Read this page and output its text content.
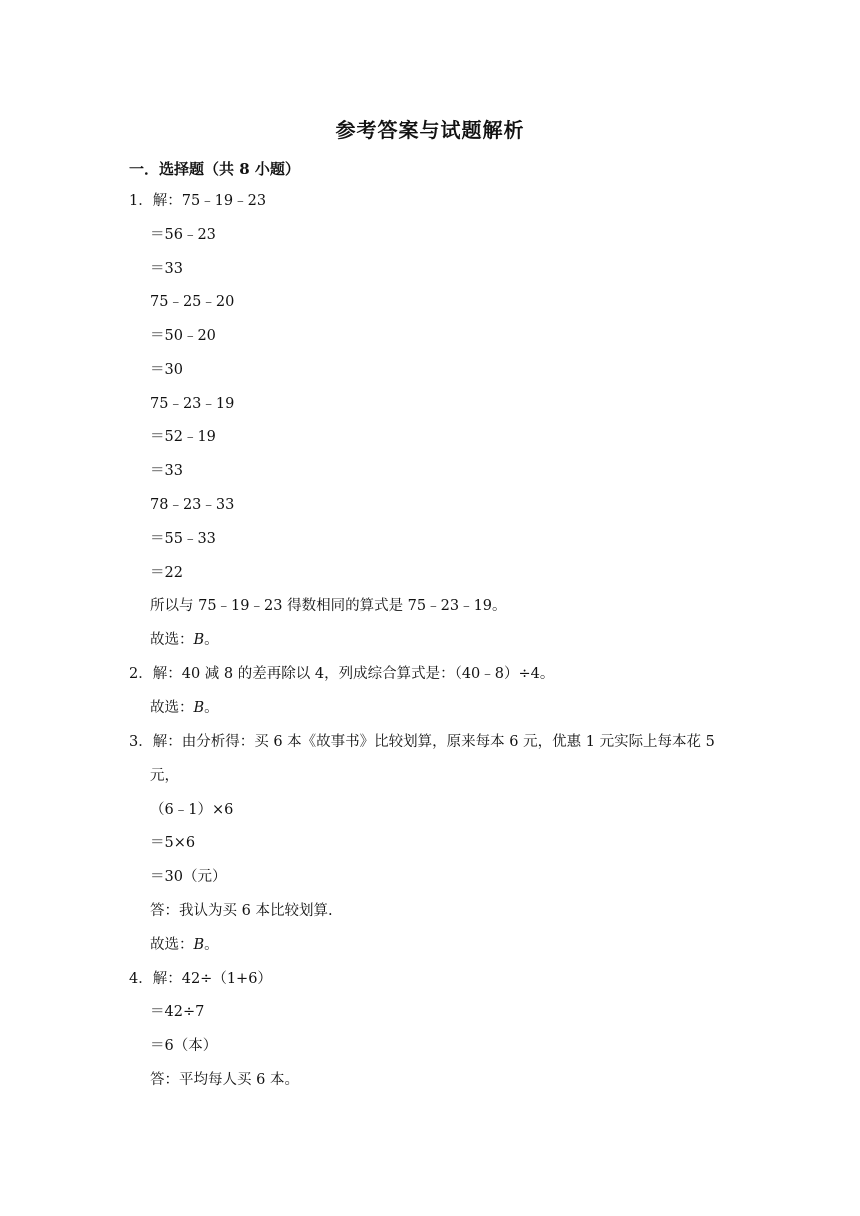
参考答案与试题解析
一．选择题（共 8 小题）
1．解：75﹣19﹣23
＝56﹣23
＝33
75﹣25﹣20
＝50﹣20
＝30
75﹣23﹣19
＝52﹣19
＝33
78﹣23﹣33
＝55﹣33
＝22
所以与 75﹣19﹣23 得数相同的算式是 75﹣23﹣19。
故选：B。
2．解：40 减 8 的差再除以 4，列成综合算式是：（40﹣8）÷4。
故选：B。
3．解：由分析得：买 6 本《故事书》比较划算，原来每本 6 元，优惠 1 元实际上每本花 5
元，
（6﹣1）×6
＝5×6
＝30（元）
答：我认为买 6 本比较划算.
故选：B。
4．解：42÷（1+6）
＝42÷7
＝6（本）
答：平均每人买 6 本。
